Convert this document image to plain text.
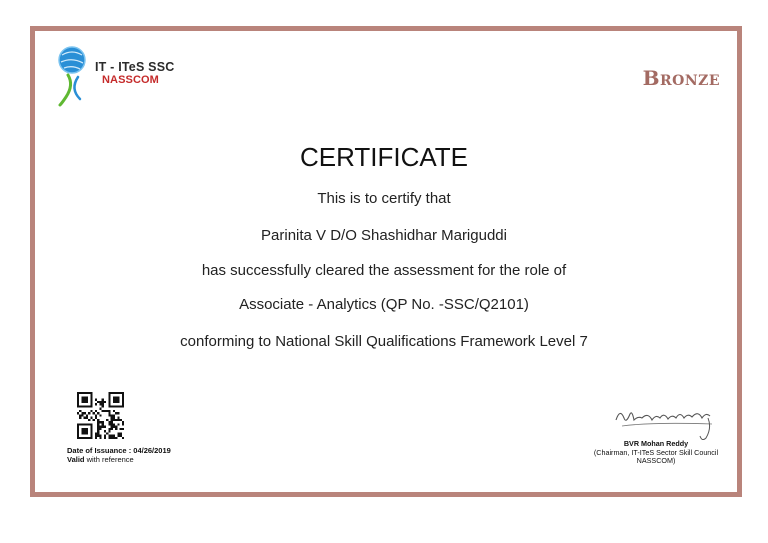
IT - ITeS SSC
NASSCOM	Bronze
CERTIFICATE
This is to certify that
Parinita V D/O Shashidhar Mariguddi
has successfully cleared the assessment for the role of
Associate - Analytics (QP No. -SSC/Q2101)
conforming to National Skill Qualifications Framework Level 7
Date of Issuance : 04/26/2019
Valid with reference
BVR Mohan Reddy
(Chairman, IT-ITeS Sector Skill Council
NASSCOM)
